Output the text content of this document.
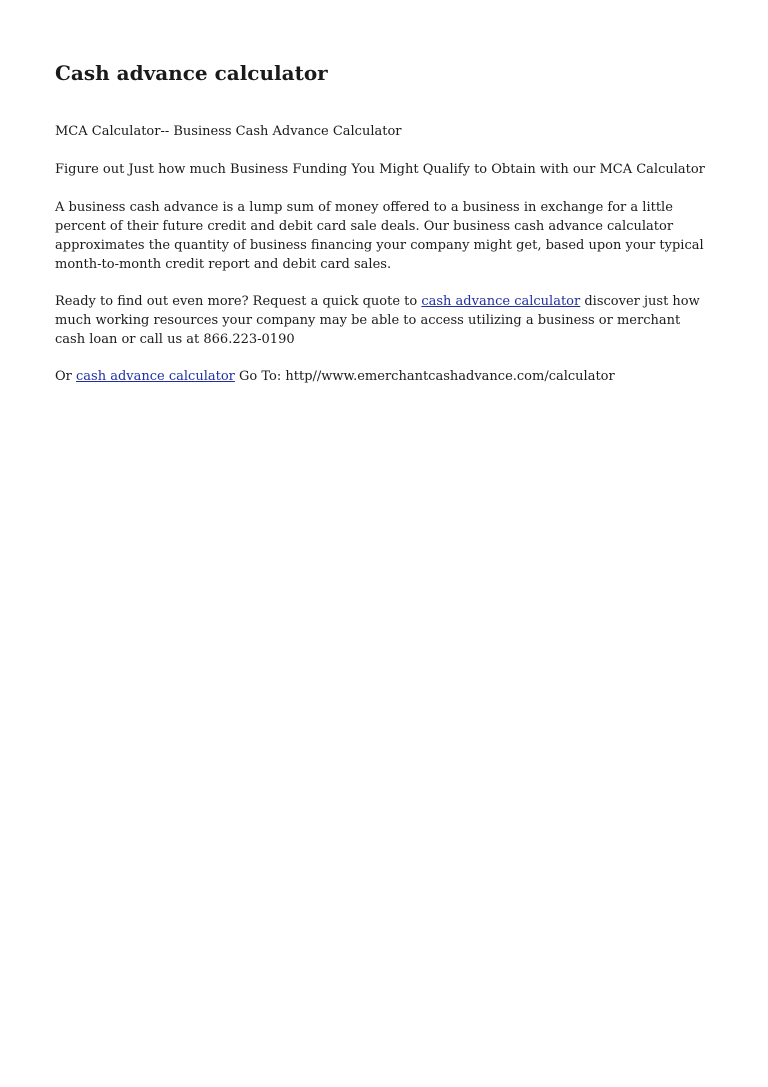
Cash advance calculator

MCA Calculator-- Business Cash Advance Calculator

Figure out Just how much Business Funding You Might Qualify to Obtain with our MCA Calculator

A business cash advance is a lump sum of money offered to a business in exchange for a little percent of their future credit and debit card sale deals. Our business cash advance calculator approximates the quantity of business financing your company might get, based upon your typical month-to-month credit report and debit card sales.

Ready to find out even more? Request a quick quote to cash advance calculator discover just how much working resources your company may be able to access utilizing a business or merchant cash loan or call us at 866.223-0190

Or cash advance calculator Go To: http//www.emerchantcashadvance.com/calculator
